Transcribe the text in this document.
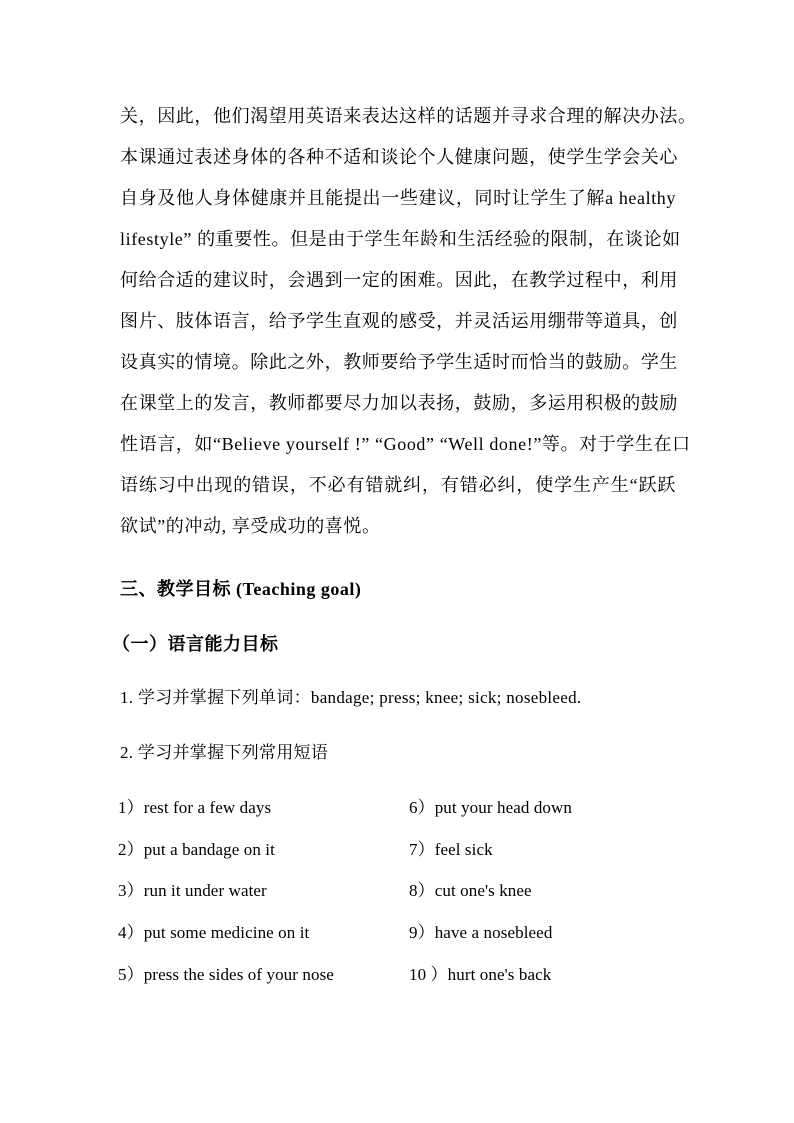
关，因此，他们渴望用英语来表达这样的话题并寻求合理的解决办法。
本课通过表述身体的各种不适和谈论个人健康问题，使学生学会关心
自身及他人身体健康并且能提出一些建议，同时让学生了解a healthy
lifestyle” 的重要性。但是由于学生年龄和生活经验的限制，在谈论如
何给合适的建议时，会遇到一定的困难。因此，在教学过程中，利用
图片、肢体语言，给予学生直观的感受，并灵活运用绷带等道具，创
设真实的情境。除此之外，教师要给予学生适时而恰当的鼓励。学生
在课堂上的发言，教师都要尽力加以表扬，鼓励，多运用积极的鼓励
性语言，如“Believe yourself !” “Good” “Well done!”等。对于学生在口
语练习中出现的错误，不必有错就纠，有错必纠，使学生产生“跃跃
欲试”的冲动, 享受成功的喜悦。

三、教学目标 (Teaching goal)
（一）语言能力目标

1. 学习并掌握下列单词：bandage; press; knee; sick; nosebleed.

2. 学习并掌握下列常用短语

1）rest for a few days
2）put a bandage on it
3）run it under water
4）put some medicine on it
5）press the sides of your nose
6）put your head down
7）feel sick
8）cut one's knee
9）have a nosebleed
10 ）hurt one's back
